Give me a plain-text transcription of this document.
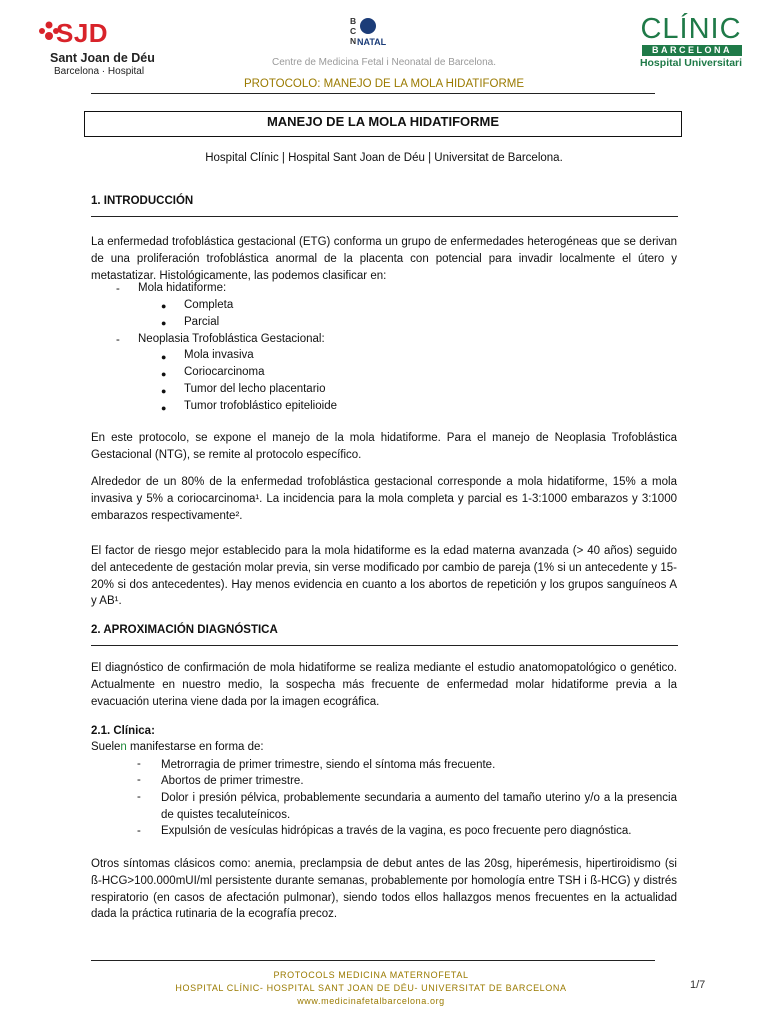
SJD
Sant Joan de Déu
Barcelona · Hospital
B
C
N NATAL
Centre de Medicina Fetal i Neonatal de Barcelona.
CLÍNIC
BARCELONA
Hospital Universitari
PROTOCOLO: MANEJO DE LA MOLA HIDATIFORME
MANEJO DE LA MOLA HIDATIFORME
Hospital Clínic | Hospital Sant Joan de Déu | Universitat de Barcelona.
1. INTRODUCCIÓN
La enfermedad trofoblástica gestacional (ETG) conforma un grupo de enfermedades heterogéneas que se derivan de una proliferación trofoblástica anormal de la placenta con potencial para invadir localmente el útero y metastatizar. Histológicamente, las podemos clasificar en:
- Mola hidatiforme:
● Completa
● Parcial
- Neoplasia Trofoblástica Gestacional:
● Mola invasiva
● Coriocarcinoma
● Tumor del lecho placentario
● Tumor trofoblástico epitelioide
En este protocolo, se expone el manejo de la mola hidatiforme. Para el manejo de Neoplasia Trofoblástica Gestacional (NTG), se remite al protocolo específico.
Alrededor de un 80% de la enfermedad trofoblástica gestacional corresponde a mola hidatiforme, 15% a mola invasiva y 5% a coriocarcinoma¹. La incidencia para la mola completa y parcial es 1-3:1000 embarazos y 3:1000 embarazos respectivamente².
El factor de riesgo mejor establecido para la mola hidatiforme es la edad materna avanzada (> 40 años) seguido del antecedente de gestación molar previa, sin verse modificado por cambio de pareja (1% si un antecedente y 15-20% si dos antecedentes). Hay menos evidencia en cuanto a los abortos de repetición y los grupos sanguíneos A y AB¹.
2. APROXIMACIÓN DIAGNÓSTICA
El diagnóstico de confirmación de mola hidatiforme se realiza mediante el estudio anatomopatológico o genético. Actualmente en nuestro medio, la sospecha más frecuente de enfermedad molar hidatiforme previa a la evacuación uterina viene dada por la imagen ecográfica.
2.1. Clínica:
Suelen manifestarse en forma de:
- Metrorragia de primer trimestre, siendo el síntoma más frecuente.
- Abortos de primer trimestre.
- Dolor i presión pélvica, probablemente secundaria a aumento del tamaño uterino y/o a la presencia de quistes tecaluteínicos.
- Expulsión de vesículas hidrópicas a través de la vagina, es poco frecuente pero diagnóstica.
Otros síntomas clásicos como: anemia, preclampsia de debut antes de las 20sg, hiperémesis, hipertiroidismo (si ß-HCG>100.000mUI/ml persistente durante semanas, probablemente por homología entre TSH i ß-HCG) y distrés respiratorio (en casos de afectación pulmonar), siendo todos ellos hallazgos menos frecuentes en la actualidad dada la práctica rutinaria de la ecografía precoz.
PROTOCOLS MEDICINA MATERNOFETAL
HOSPITAL CLÍNIC- HOSPITAL SANT JOAN DE DÉU- UNIVERSITAT DE BARCELONA
www.medicinafetalbarcelona.org
1/7
